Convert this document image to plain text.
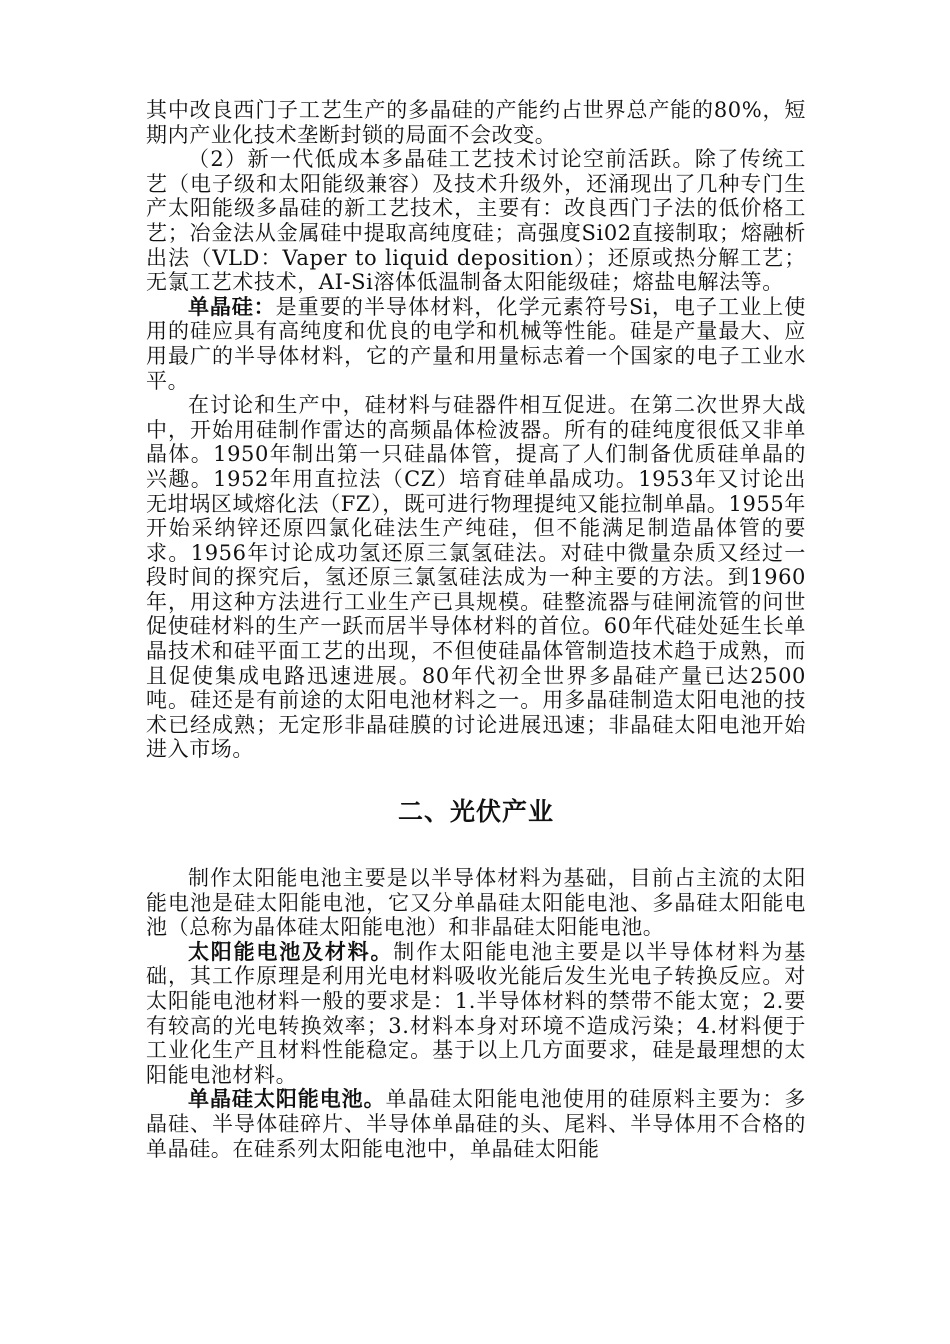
其中改良西门子工艺生产的多晶硅的产能约占世界总产能的80%，短期内产业化技术垄断封锁的局面不会改变。

（2）新一代低成本多晶硅工艺技术讨论空前活跃。除了传统工艺（电子级和太阳能级兼容）及技术升级外，还涌现出了几种专门生产太阳能级多晶硅的新工艺技术，主要有：改良西门子法的低价格工艺；冶金法从金属硅中提取高纯度硅；高强度Si02直接制取；熔融析出法（VLD：Vaper to liquid deposition）；还原或热分解工艺；无氯工艺术技术，AI-Si溶体低温制备太阳能级硅；熔盐电解法等。

单晶硅：是重要的半导体材料，化学元素符号Si，电子工业上使用的硅应具有高纯度和优良的电学和机械等性能。硅是产量最大、应用最广的半导体材料，它的产量和用量标志着一个国家的电子工业水平。

在讨论和生产中，硅材料与硅器件相互促进。在第二次世界大战中，开始用硅制作雷达的高频晶体检波器。所有的硅纯度很低又非单晶体。1950年制出第一只硅晶体管，提高了人们制备优质硅单晶的兴趣。1952年用直拉法（CZ）培育硅单晶成功。1953年又讨论出无坩埚区域熔化法（FZ），既可进行物理提纯又能拉制单晶。1955年开始采纳锌还原四氯化硅法生产纯硅，但不能满足制造晶体管的要求。1956年讨论成功氢还原三氯氢硅法。对硅中微量杂质又经过一段时间的探究后，氢还原三氯氢硅法成为一种主要的方法。到1960年，用这种方法进行工业生产已具规模。硅整流器与硅闸流管的问世促使硅材料的生产一跃而居半导体材料的首位。60年代硅处延生长单晶技术和硅平面工艺的出现，不但使硅晶体管制造技术趋于成熟，而且促使集成电路迅速进展。80年代初全世界多晶硅产量已达2500吨。硅还是有前途的太阳电池材料之一。用多晶硅制造太阳电池的技术已经成熟；无定形非晶硅膜的讨论进展迅速；非晶硅太阳电池开始进入市场。

二、光伏产业

制作太阳能电池主要是以半导体材料为基础，目前占主流的太阳能电池是硅太阳能电池，它又分单晶硅太阳能电池、多晶硅太阳能电池（总称为晶体硅太阳能电池）和非晶硅太阳能电池。

太阳能电池及材料。制作太阳能电池主要是以半导体材料为基础，其工作原理是利用光电材料吸收光能后发生光电子转换反应。对太阳能电池材料一般的要求是：1.半导体材料的禁带不能太宽；2.要有较高的光电转换效率；3.材料本身对环境不造成污染；4.材料便于工业化生产且材料性能稳定。基于以上几方面要求，硅是最理想的太阳能电池材料。

单晶硅太阳能电池。单晶硅太阳能电池使用的硅原料主要为：多晶硅、半导体硅碎片、半导体单晶硅的头、尾料、半导体用不合格的单晶硅。在硅系列太阳能电池中，单晶硅太阳能
